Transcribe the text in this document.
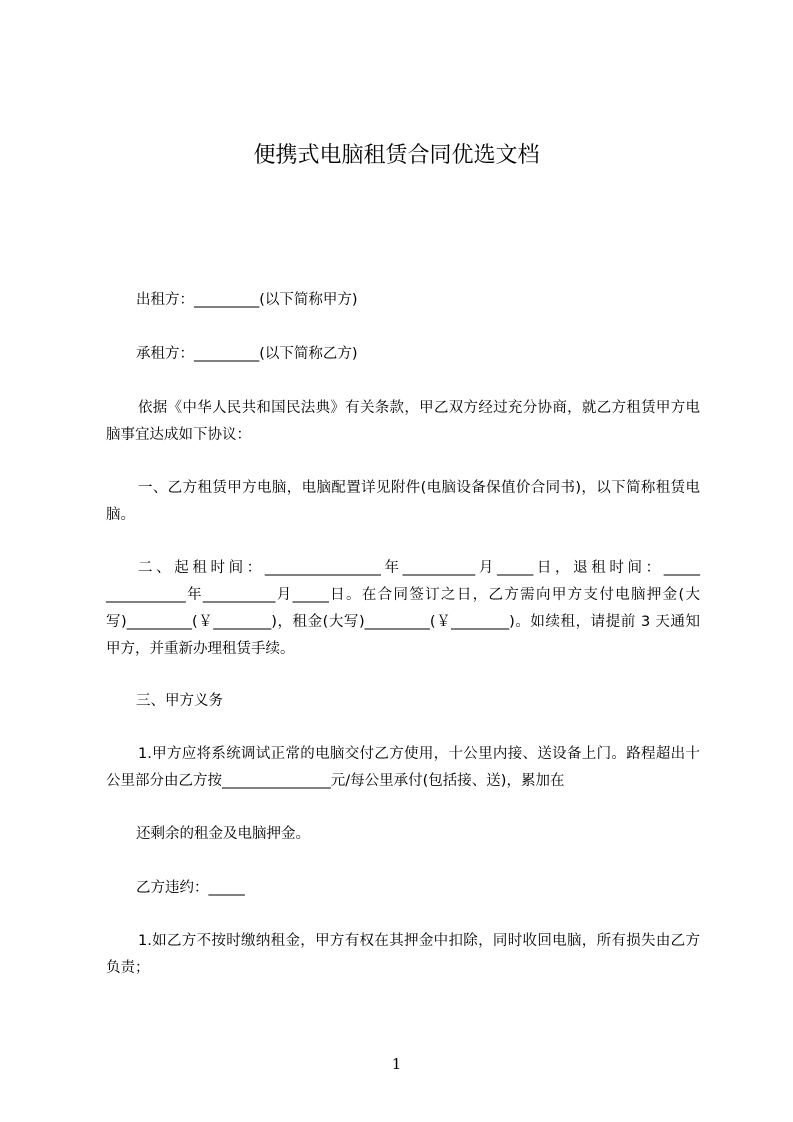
便携式电脑租赁合同优选文档

出租方：_________(以下简称甲方)

承租方：_________(以下简称乙方)

依据《中华人民共和国民法典》有关条款，甲乙双方经过充分协商，就乙方租赁甲方电脑事宜达成如下协议：

一、乙方租赁甲方电脑，电脑配置详见附件(电脑设备保值价合同书)，以下简称租赁电脑。

二、起租时间：________________年__________月_____日，退租时间：_____ ___________年__________月_____日。在合同签订之日，乙方需向甲方支付电脑押金(大写)_________(￥________)，租金(大写)_________(￥________)。如续租，请提前 3 天通知甲方，并重新办理租赁手续。

三、甲方义务

1.甲方应将系统调试正常的电脑交付乙方使用，十公里内接、送设备上门。路程超出十公里部分由乙方按_______________元/每公里承付(包括接、送)，累加在

还剩余的租金及电脑押金。

乙方违约：_____

1.如乙方不按时缴纳租金，甲方有权在其押金中扣除，同时收回电脑，所有损失由乙方负责；

1
